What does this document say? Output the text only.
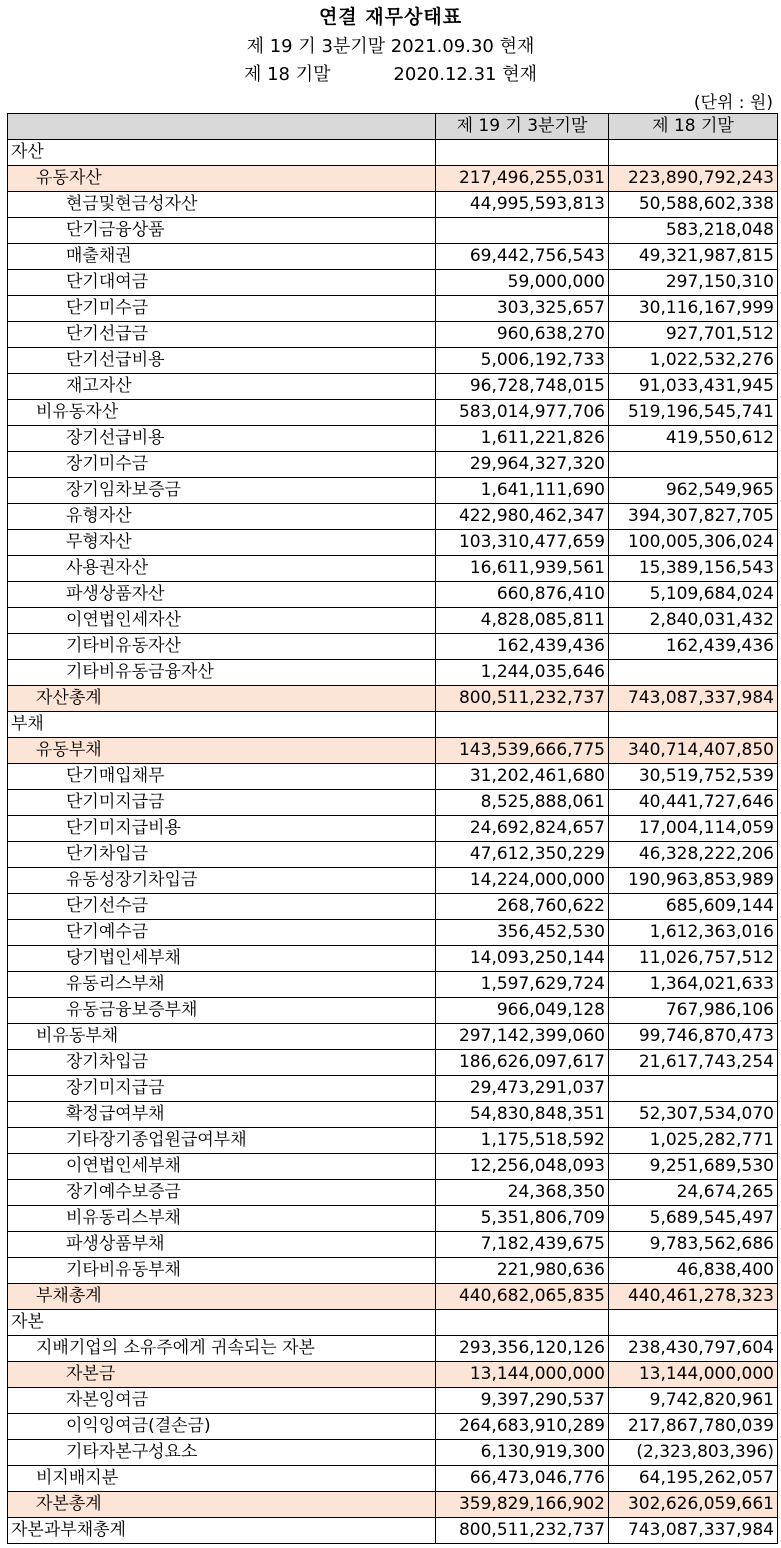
연결 재무상태표
제 19 기 3분기말 2021.09.30 현재
제 18 기말           2020.12.31 현재
(단위 : 원)
	제 19 기 3분기말	제 18 기말
자산		
유동자산	217,496,255,031	223,890,792,243
현금및현금성자산	44,995,593,813	50,588,602,338
단기금융상품		583,218,048
매출채권	69,442,756,543	49,321,987,815
단기대여금	59,000,000	297,150,310
단기미수금	303,325,657	30,116,167,999
단기선급금	960,638,270	927,701,512
단기선급비용	5,006,192,733	1,022,532,276
재고자산	96,728,748,015	91,033,431,945
비유동자산	583,014,977,706	519,196,545,741
장기선급비용	1,611,221,826	419,550,612
장기미수금	29,964,327,320	
장기임차보증금	1,641,111,690	962,549,965
유형자산	422,980,462,347	394,307,827,705
무형자산	103,310,477,659	100,005,306,024
사용권자산	16,611,939,561	15,389,156,543
파생상품자산	660,876,410	5,109,684,024
이연법인세자산	4,828,085,811	2,840,031,432
기타비유동자산	162,439,436	162,439,436
기타비유동금융자산	1,244,035,646	
자산총계	800,511,232,737	743,087,337,984
부채		
유동부채	143,539,666,775	340,714,407,850
단기매입채무	31,202,461,680	30,519,752,539
단기미지급금	8,525,888,061	40,441,727,646
단기미지급비용	24,692,824,657	17,004,114,059
단기차입금	47,612,350,229	46,328,222,206
유동성장기차입금	14,224,000,000	190,963,853,989
단기선수금	268,760,622	685,609,144
단기예수금	356,452,530	1,612,363,016
당기법인세부채	14,093,250,144	11,026,757,512
유동리스부채	1,597,629,724	1,364,021,633
유동금융보증부채	966,049,128	767,986,106
비유동부채	297,142,399,060	99,746,870,473
장기차입금	186,626,097,617	21,617,743,254
장기미지급금	29,473,291,037	
확정급여부채	54,830,848,351	52,307,534,070
기타장기종업원급여부채	1,175,518,592	1,025,282,771
이연법인세부채	12,256,048,093	9,251,689,530
장기예수보증금	24,368,350	24,674,265
비유동리스부채	5,351,806,709	5,689,545,497
파생상품부채	7,182,439,675	9,783,562,686
기타비유동부채	221,980,636	46,838,400
부채총계	440,682,065,835	440,461,278,323
자본		
지배기업의 소유주에게 귀속되는 자본	293,356,120,126	238,430,797,604
자본금	13,144,000,000	13,144,000,000
자본잉여금	9,397,290,537	9,742,820,961
이익잉여금(결손금)	264,683,910,289	217,867,780,039
기타자본구성요소	6,130,919,300	(2,323,803,396)
비지배지분	66,473,046,776	64,195,262,057
자본총계	359,829,166,902	302,626,059,661
자본과부채총계	800,511,232,737	743,087,337,984
